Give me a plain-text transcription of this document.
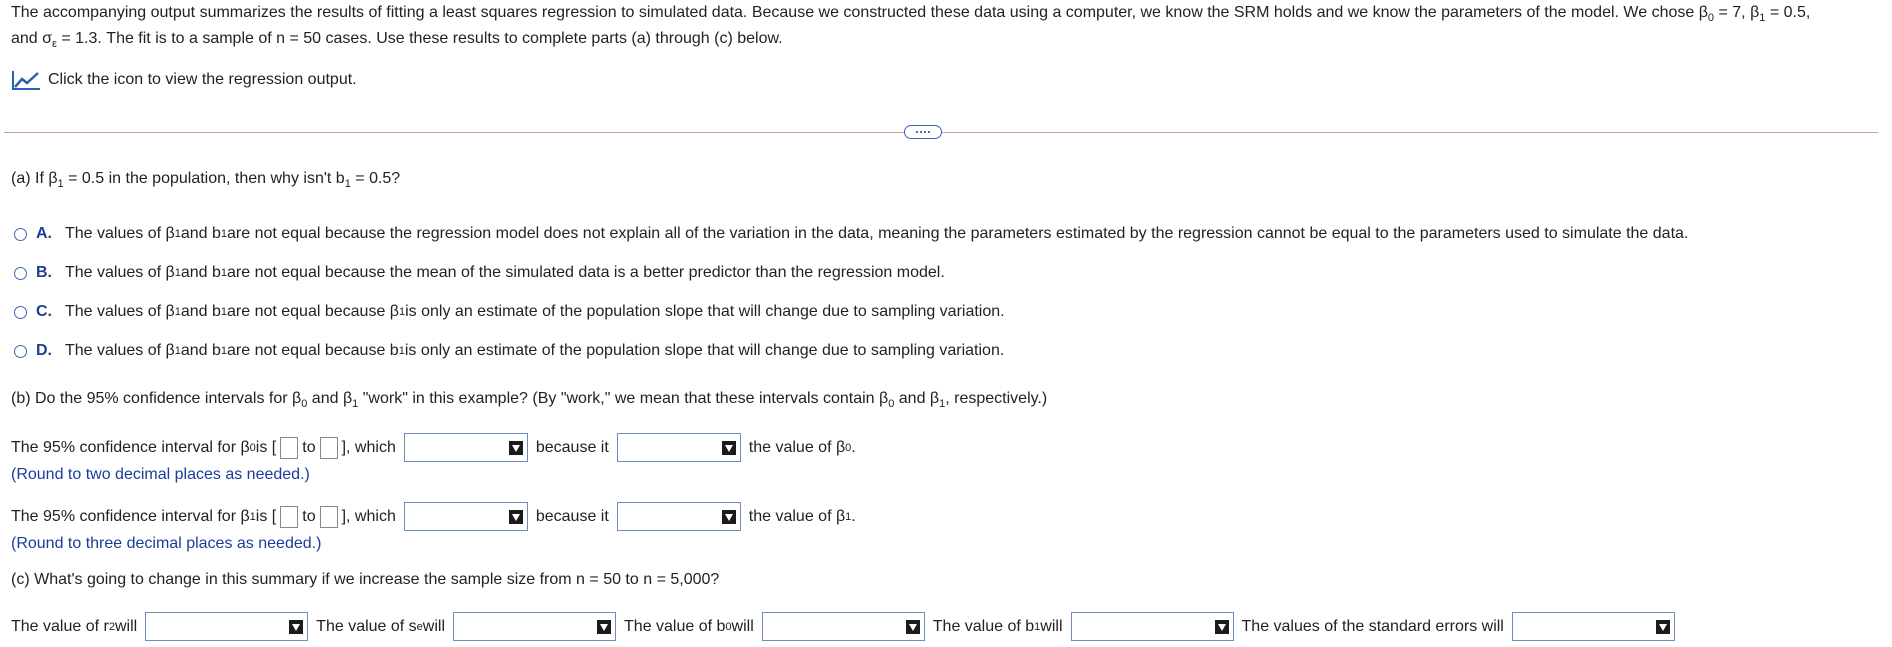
The accompanying output summarizes the results of fitting a least squares regression to simulated data. Because we constructed these data using a computer, we know the SRM holds and we know the parameters of the model. We chose $\beta_0 = 7$, $\beta_1 = 0.5$,
and $\sigma_\varepsilon = 1.3$. The fit is to a sample of n = 50 cases. Use these results to complete parts (a) through (c) below.
Click the icon to view the regression output.
(a) If $\beta_1 = 0.5$ in the population, then why isn't $b_1 = 0.5$?
A. The values of β 1 and b 1 are not equal because the regression model does not explain all of the variation in the data, meaning the parameters estimated by the regression cannot be equal to the parameters used to simulate the data.
B. The values of β 1 and b 1 are not equal because the mean of the simulated data is a better predictor than the regression model.
C. The values of β 1 and b 1 are not equal because β 1 is only an estimate of the population slope that will change due to sampling variation.
D. The values of β 1 and b 1 are not equal because b 1 is only an estimate of the population slope that will change due to sampling variation.
(b) Do the 95% confidence intervals for $\beta_0$ and $\beta_1$ "work" in this example? (By "work," we mean that these intervals contain $\beta_0$ and $\beta_1$, respectively.)
The 95% confidence interval for β 0 is [ to ], which	because it	the value of β 0 .
(Round to two decimal places as needed.)
The 95% confidence interval for β 1 is [ to ], which	because it	the value of β 1 .
(Round to three decimal places as needed.)
(c) What's going to change in this summary if we increase the sample size from n = 50 to n = 5,000?
The value of r 2 will	The value of s e will	The value of b 0 will	The value of b 1 will	The values of the standard errors will
